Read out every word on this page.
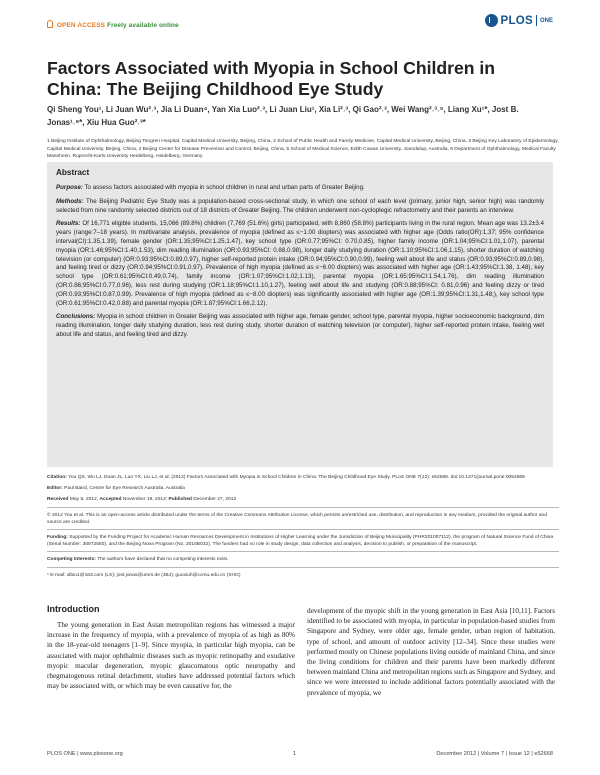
OPEN ACCESS Freely available online	PLOS ONE
Factors Associated with Myopia in School Children in China: The Beijing Childhood Eye Study
Qi Sheng You¹, Li Juan Wu²˒³, Jia Li Duan⁴, Yan Xia Luo²˒³, Li Juan Liu¹, Xia Li²˒³, Qi Gao²˒³, Wei Wang²˒³˒⁵, Liang Xu¹*, Jost B. Jonas¹˒⁶*, Xiu Hua Guo²˒³*
1 Beijing Institute of Ophthalmology, Beijing Tongren Hospital, Capital Medical University, Beijing, China, 2 School of Public Health and Family Medicine, Capital Medical University, Beijing, China, 3 Beijing Key Laboratory of Epidemiology, Capital Medical University, Beijing, China, 4 Beijing Center for Disease Prevention and Control, Beijing, China, 5 School of Medical Science, Edith Cowan University, Joondalup, Australia, 6 Department of Ophthalmology, Medical Faculty Mannheim, Ruprecht-Karls-University Heidelberg, Heidelberg, Germany
Abstract

Purpose: To assess factors associated with myopia in school children in rural and urban parts of Greater Beijing.

Methods: The Beijing Pediatric Eye Study was a population-based cross-sectional study, in which one school of each level (primary, junior high, senior high) was randomly selected from nine randomly selected districts out of 18 districts of Greater Beijing. The children underwent non-cycloplegic refractometry and their parents an interview.

Results: Of 16,771 eligible students, 15,066 (89.8%) children (7,769 (51.6%) girls) participated, with 8,860 (58.8%) participants living in the rural region. Mean age was 13.2±3.4 years (range:7–18 years). In multivariate analysis, prevalence of myopia (defined as ≤−1.00 diopters) was associated with higher age (Odds ratio(OR):1.37; 95% confidence interval(CI):1.35,1.39), female gender (OR:1.35;95%CI:1.25,1.47), key school type (OR:0.77;95%CI: 0.70,0.85), higher family income (OR:1.04;95%CI:1.01,1.07), parental myopia (OR:1.46;95%CI:1.40,1.53), dim reading illumination (OR:0.93;95%CI: 0.88,0.98), longer daily studying duration (OR:1.10;95%CI:1.06,1.15), shorter duration of watching television (or computer) (OR:0.93;95%CI:0.89,0.97), higher self-reported protein intake (OR:0.94;95%CI:0.90,0.99), feeling well about life and status (OR:0.93;95%CI:0.89,0.98), and feeling tired or dizzy (OR:0.94;95%CI:0.91,0.97). Prevalence of high myopia (defined as ≤−6.00 diopters) was associated with higher age (OR:1.43;95%CI:1.38, 1.48), key school type (OR:0.61;95%CI:0.49,0.74), family income (OR:1.07;95%CI:1.02,1.13), parental myopia (OR:1.65;95%CI:1.54,1.76), dim reading illumination (OR:0.86;95%CI:0.77,0.96), less rest during studying (OR:1.18;95%CI:1.10,1.27), feeling well about life and studying (OR:0.88;95%CI: 0.81,0.96) and feeling dizzy or tired (OR:0.93;95%CI:0.87,0.99). Prevalence of high myopia (defined as ≤−8.00 diopters) was significantly associated with higher age (OR:1.39;95%CI:1.31,1.48;), key school type (OR:0.61;95%CI:0.42,0.88) and parental myopia (OR:1.87;95%CI:1.66,2.12).

Conclusions: Myopia in school children in Greater Beijing was associated with higher age, female gender, school type, parental myopia, higher socioeconomic background, dim reading illumination, longer daily studying duration, less rest during study, shorter duration of watching television (or computer), higher self-reported protein intake, feeling well about life and status, and feeling tired and dizzy.

Citation: You QS, Wu LJ, Duan JL, Luo YX, Liu LJ, et al. (2012) Factors Associated with Myopia in School Children in China: The Beijing Childhood Eye Study. PLoS ONE 7(12): e52668. doi:10.1371/journal.pone.0052668

Editor: Paul Baird, Centre for Eye Research Australia, Australia

Received May 5, 2012; Accepted November 19, 2012; Published December 27, 2012

© 2012 You et al. This is an open-access article distributed under the terms of the Creative Commons Attribution License, which permits unrestricted use, distribution, and reproduction in any medium, provided the original author and source are credited.

Funding: Supported by the Funding Project for Academic Human Resources Development in Institutions of Higher Learning under the Jurisdiction of Beijing Municipality (PHR201007112), the program of Natural Science Fund of China (Serial Number: 30972550), and the Beijing Nova Program (No. 2010B032). The funders had no role in study design, data collection and analysis, decision to publish, or preparation of the manuscript.

Competing Interests: The authors have declared that no competing interests exist.

* E-mail: xlbio1@163.com (LX); jost.jonas@umm.de (JBJ); guoxiuh@ccmu.edu.cn (XHG)

Introduction

The young generation in East Asian metropolitan regions has witnessed a major increase in the frequency of myopia, with a prevalence of myopia of as high as 80% in the 18-year-old teenagers [1–9]. Since myopia, in particular high myopia, can be associated with major ophthalmic diseases such as myopic retinopathy and exudative myopic macular degeneration, myopic glaucomatous optic neuropathy and rhegmatogenous retinal detachment, studies have addressed potential factors which may be associated with, or which may be even causative for, the

development of the myopic shift in the young generation in East Asia [10,11]. Factors identified to be associated with myopia, in particular in population-based studies from Singapore and Sydney, were older age, female gender, urban region of habitation, type of school, and amount of outdoor activity [12–34]. Since these studies were performed mostly on Chinese populations living outside of mainland China, and since the living conditions for children and their parents have been markedly different between mainland China and metropolitan regions such as Singapore and Sydney, and since we were interested to include additional factors potentially associated with the prevalence of myopia, we

PLOS ONE | www.plosone.org	1	December 2012 | Volume 7 | Issue 12 | e52668
